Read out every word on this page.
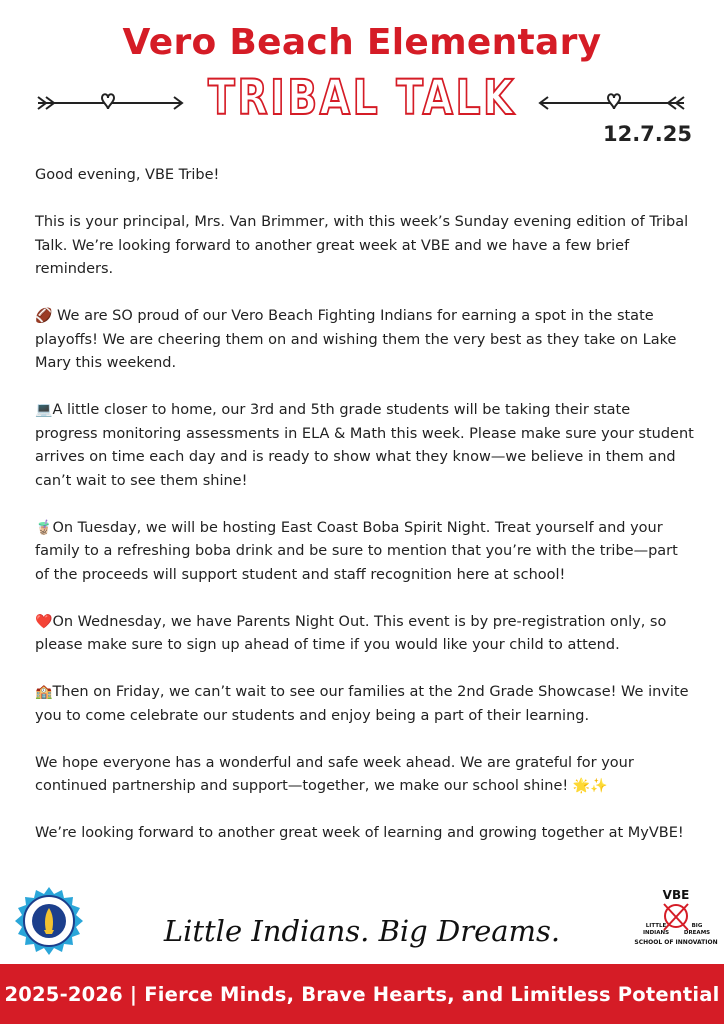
Vero Beach Elementary
TRIBAL TALK
12.7.25

Good evening, VBE Tribe!

This is your principal, Mrs. Van Brimmer, with this week’s Sunday evening edition of Tribal Talk. We’re looking forward to another great week at VBE and we have a few brief reminders.

🏈 We are SO proud of our Vero Beach Fighting Indians for earning a spot in the state playoffs! We are cheering them on and wishing them the very best as they take on Lake Mary this weekend.

💻A little closer to home, our 3rd and 5th grade students will be taking their state progress monitoring assessments in ELA & Math this week. Please make sure your student arrives on time each day and is ready to show what they know—we believe in them and can’t wait to see them shine!

🧋On Tuesday, we will be hosting East Coast Boba Spirit Night. Treat yourself and your family to a refreshing boba drink and be sure to mention that you’re with the tribe—part of the proceeds will support student and staff recognition here at school!

❤️On Wednesday, we have Parents Night Out. This event is by pre-registration only, so please make sure to sign up ahead of time if you would like your child to attend.

🏫Then on Friday, we can’t wait to see our families at the 2nd Grade Showcase! We invite you to come celebrate our students and enjoy being a part of their learning.

We hope everyone has a wonderful and safe week ahead. We are grateful for your continued partnership and support—together, we make our school shine! 🌟✨

We’re looking forward to another great week of learning and growing together at MyVBE!

Little Indians. Big Dreams.
VBE
LITTLE
INDIANS
BIG
DREAMS
SCHOOL OF INNOVATION
2025-2026 | Fierce Minds, Brave Hearts, and Limitless Potential
